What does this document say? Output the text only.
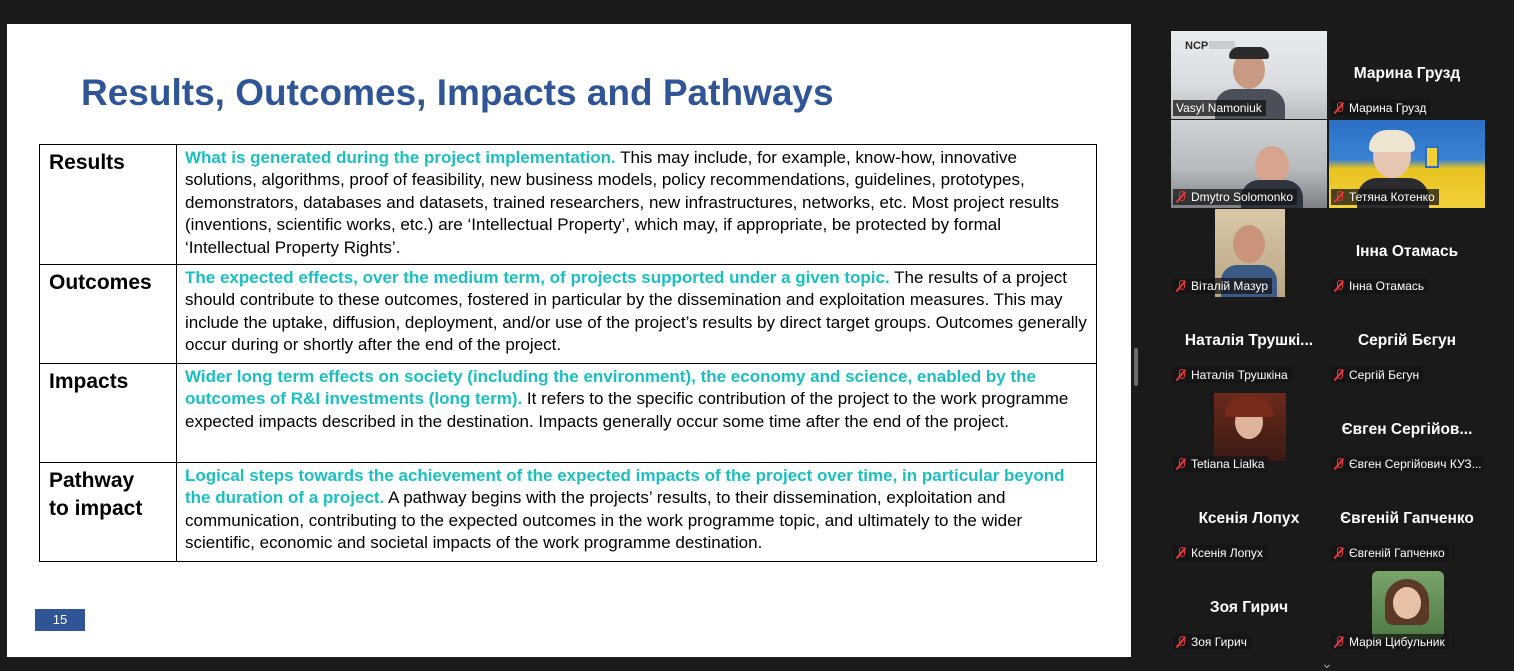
Results, Outcomes, Impacts and Pathways
Results	What is generated during the project implementation. This may include, for example, know-how, innovative solutions, algorithms, proof of feasibility, new business models, policy recommendations, guidelines, prototypes, demonstrators, databases and datasets, trained researchers, new infrastructures, networks, etc. Most project results (inventions, scientific works, etc.) are ‘Intellectual Property’, which may, if appropriate, be protected by formal ‘Intellectual Property Rights’.
Outcomes	The expected effects, over the medium term, of projects supported under a given topic. The results of a project should contribute to these outcomes, fostered in particular by the dissemination and exploitation measures. This may include the uptake, diffusion, deployment, and/or use of the project’s results by direct target groups. Outcomes generally occur during or shortly after the end of the project.
Impacts	Wider long term effects on society (including the environment), the economy and science, enabled by the outcomes of R&I investments (long term). It refers to the specific contribution of the project to the work programme expected impacts described in the destination. Impacts generally occur some time after the end of the project.
Pathway
to impact	Logical steps towards the achievement of the expected impacts of the project over time, in particular beyond the duration of a project. A pathway begins with the projects’ results, to their dissemination, exploitation and communication, contributing to the expected outcomes in the work programme topic, and ultimately to the wider scientific, economic and societal impacts of the work programme destination.
15
NCP
Vasyl Namoniuk
Марина Грузд
Марина Грузд
Dmytro Solomonko	Тетяна Котенко
Віталій Мазур
Інна Отамась
Інна Отамась
Наталія Трушкі...
Наталія Трушкіна
Сергій Бєгун
Сергій Бєгун
Tetiana Lialka
Євген Сергійов...
Євген Сергійович КУЗ...
Ксенія Лопух
Ксенія Лопух
Євгеній Гапченко
Євгеній Гапченко
Зоя Гирич
Зоя Гирич	Марія Цибульник
⌄
